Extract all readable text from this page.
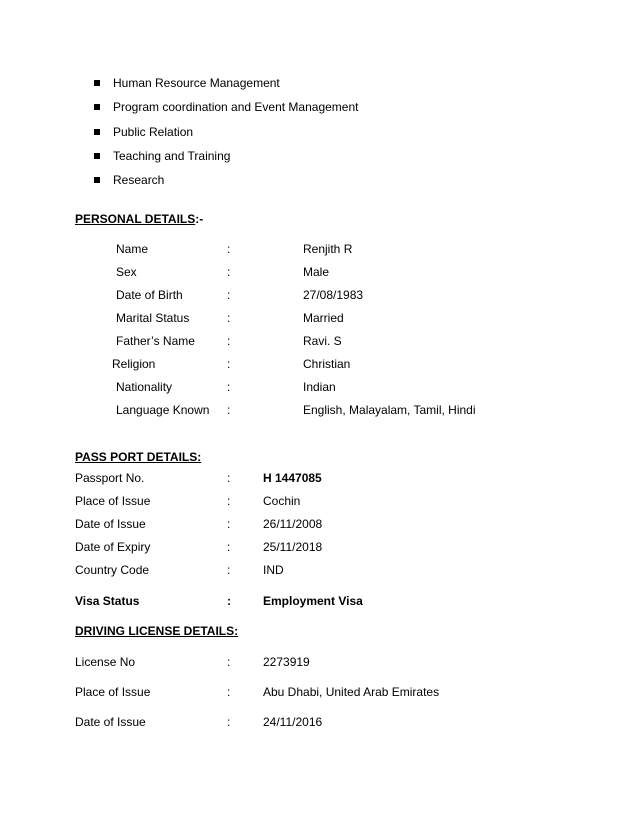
Human Resource Management
Program coordination and Event Management
Public Relation
Teaching and Training
Research
PERSONAL DETAILS:-
Name	:	Renjith R
Sex	:	Male
Date of Birth	:	27/08/1983
Marital Status	:	Married
Father’s Name	:	Ravi. S
Religion	:	Christian
Nationality	:	Indian
Language Known :	English, Malayalam, Tamil, Hindi
PASS PORT DETAILS:
Passport No.	:	H 1447085
Place of Issue	:	Cochin
Date of Issue	:	26/11/2008
Date of Expiry	:	25/11/2018
Country Code	:	IND
Visa Status	:	Employment Visa
DRIVING LICENSE DETAILS:
License No	:	2273919
Place of Issue	:	Abu Dhabi, United Arab Emirates
Date of Issue	:	24/11/2016
